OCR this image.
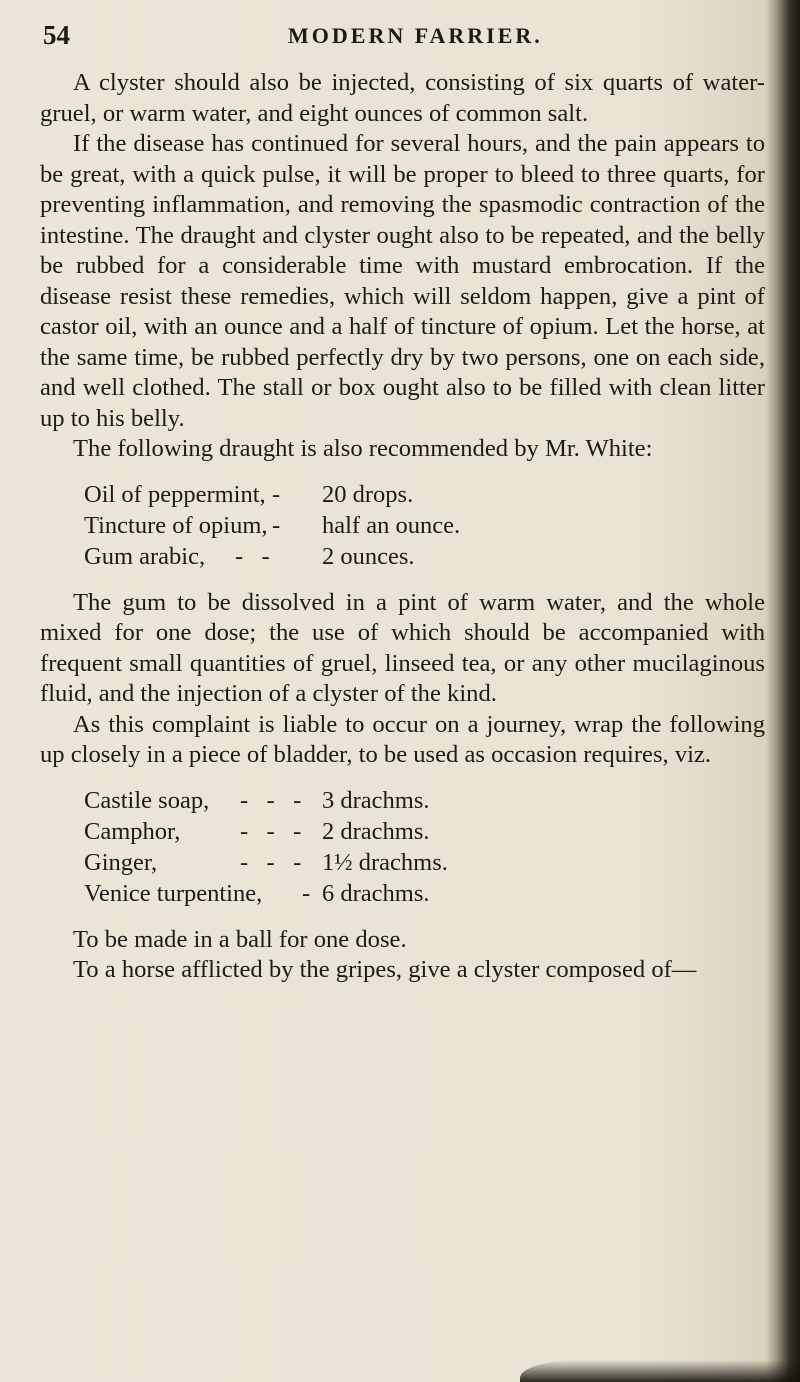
54	MODERN FARRIER.

A clyster should also be injected, consisting of six quarts of water-gruel, or warm water, and eight ounces of common salt.

If the disease has continued for several hours, and the pain appears to be great, with a quick pulse, it will be proper to bleed to three quarts, for preventing inflammation, and removing the spasmodic contraction of the intestine. The draught and clyster ought also to be repeated, and the belly be rubbed for a considerable time with mustard embrocation. If the disease resist these remedies, which will seldom happen, give a pint of castor oil, with an ounce and a half of tincture of opium. Let the horse, at the same time, be rubbed perfectly dry by two persons, one on each side, and well clothed. The stall or box ought also to be filled with clean litter up to his belly.

The following draught is also recommended by Mr. White:

Oil of peppermint, - 20 drops.
Tincture of opium, - half an ounce.
Gum arabic, -   - 2 ounces.

The gum to be dissolved in a pint of warm water, and the whole mixed for one dose; the use of which should be accompanied with frequent small quantities of gruel, linseed tea, or any other mucilaginous fluid, and the injection of a clyster of the kind.

As this complaint is liable to occur on a journey, wrap the following up closely in a piece of bladder, to be used as occasion requires, viz.

Castile soap, -   -   - 3 drachms.
Camphor, -   -   - 2 drachms.
Ginger,	-   -   - 1½ drachms.
Venice turpentine, - 6 drachms.

To be made in a ball for one dose.

To a horse afflicted by the gripes, give a clyster composed of—
